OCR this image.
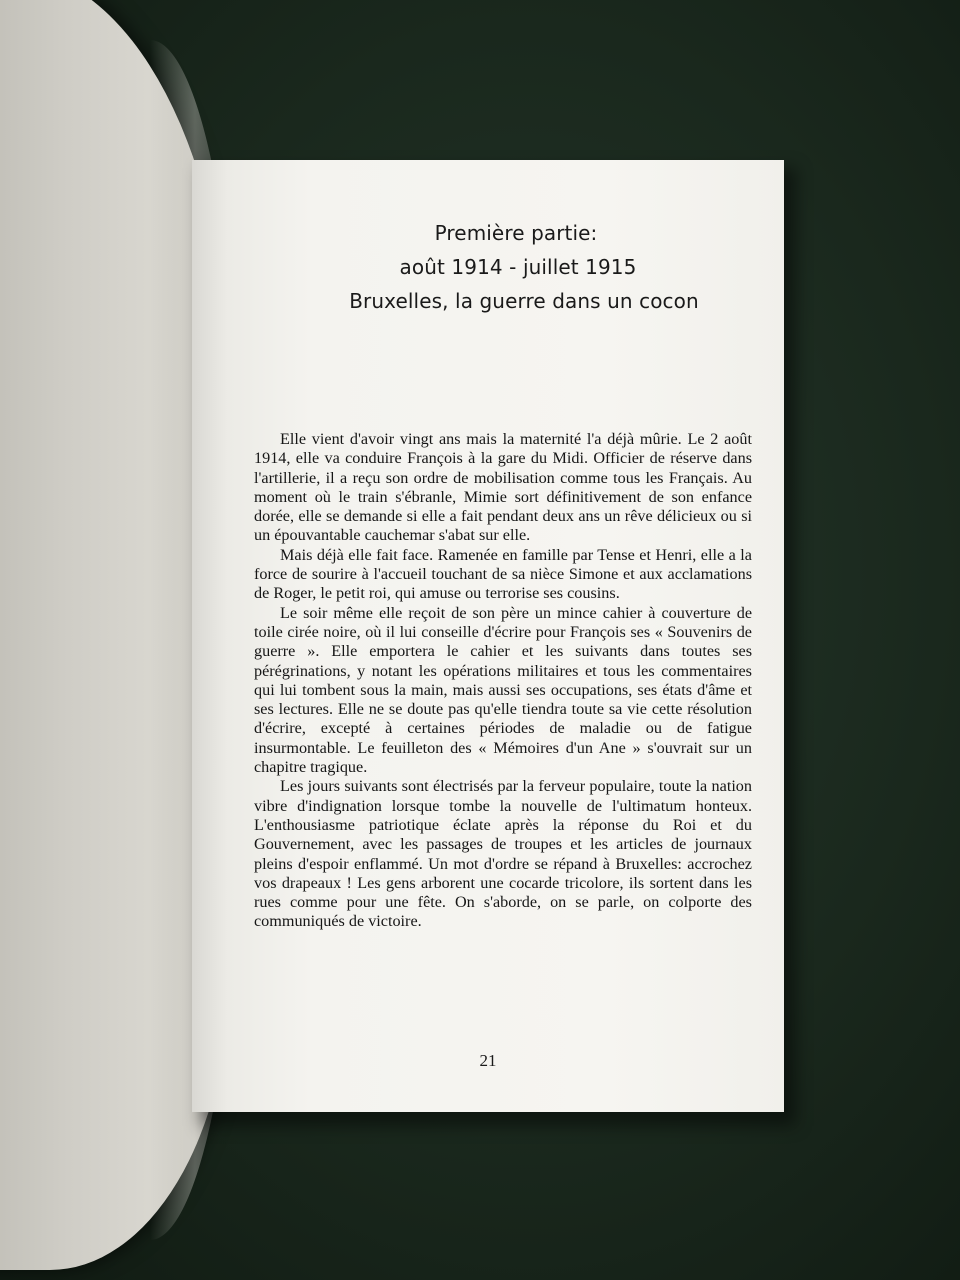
Première partie:
août 1914 - juillet 1915
Bruxelles, la guerre dans un cocon

Elle vient d'avoir vingt ans mais la maternité l'a déjà mûrie. Le 2 août 1914, elle va conduire François à la gare du Midi. Officier de réserve dans l'artillerie, il a reçu son ordre de mobilisation comme tous les Français. Au moment où le train s'ébranle, Mimie sort définitivement de son enfance dorée, elle se demande si elle a fait pendant deux ans un rêve délicieux ou si un épouvantable cauchemar s'abat sur elle.

Mais déjà elle fait face. Ramenée en famille par Tense et Henri, elle a la force de sourire à l'accueil touchant de sa nièce Simone et aux acclamations de Roger, le petit roi, qui amuse ou terrorise ses cousins.

Le soir même elle reçoit de son père un mince cahier à couverture de toile cirée noire, où il lui conseille d'écrire pour François ses « Souvenirs de guerre ». Elle emportera le cahier et les suivants dans toutes ses pérégrinations, y notant les opérations militaires et tous les commentaires qui lui tombent sous la main, mais aussi ses occupations, ses états d'âme et ses lectures. Elle ne se doute pas qu'elle tiendra toute sa vie cette résolution d'écrire, excepté à certaines périodes de maladie ou de fatigue insurmontable. Le feuilleton des « Mémoires d'un Ane » s'ouvrait sur un chapitre tragique.

Les jours suivants sont électrisés par la ferveur populaire, toute la nation vibre d'indignation lorsque tombe la nouvelle de l'ultimatum honteux. L'enthousiasme patriotique éclate après la réponse du Roi et du Gouvernement, avec les passages de troupes et les articles de journaux pleins d'espoir enflammé. Un mot d'ordre se répand à Bruxelles: accrochez vos drapeaux ! Les gens arborent une cocarde tricolore, ils sortent dans les rues comme pour une fête. On s'aborde, on se parle, on colporte des communiqués de victoire.

21
